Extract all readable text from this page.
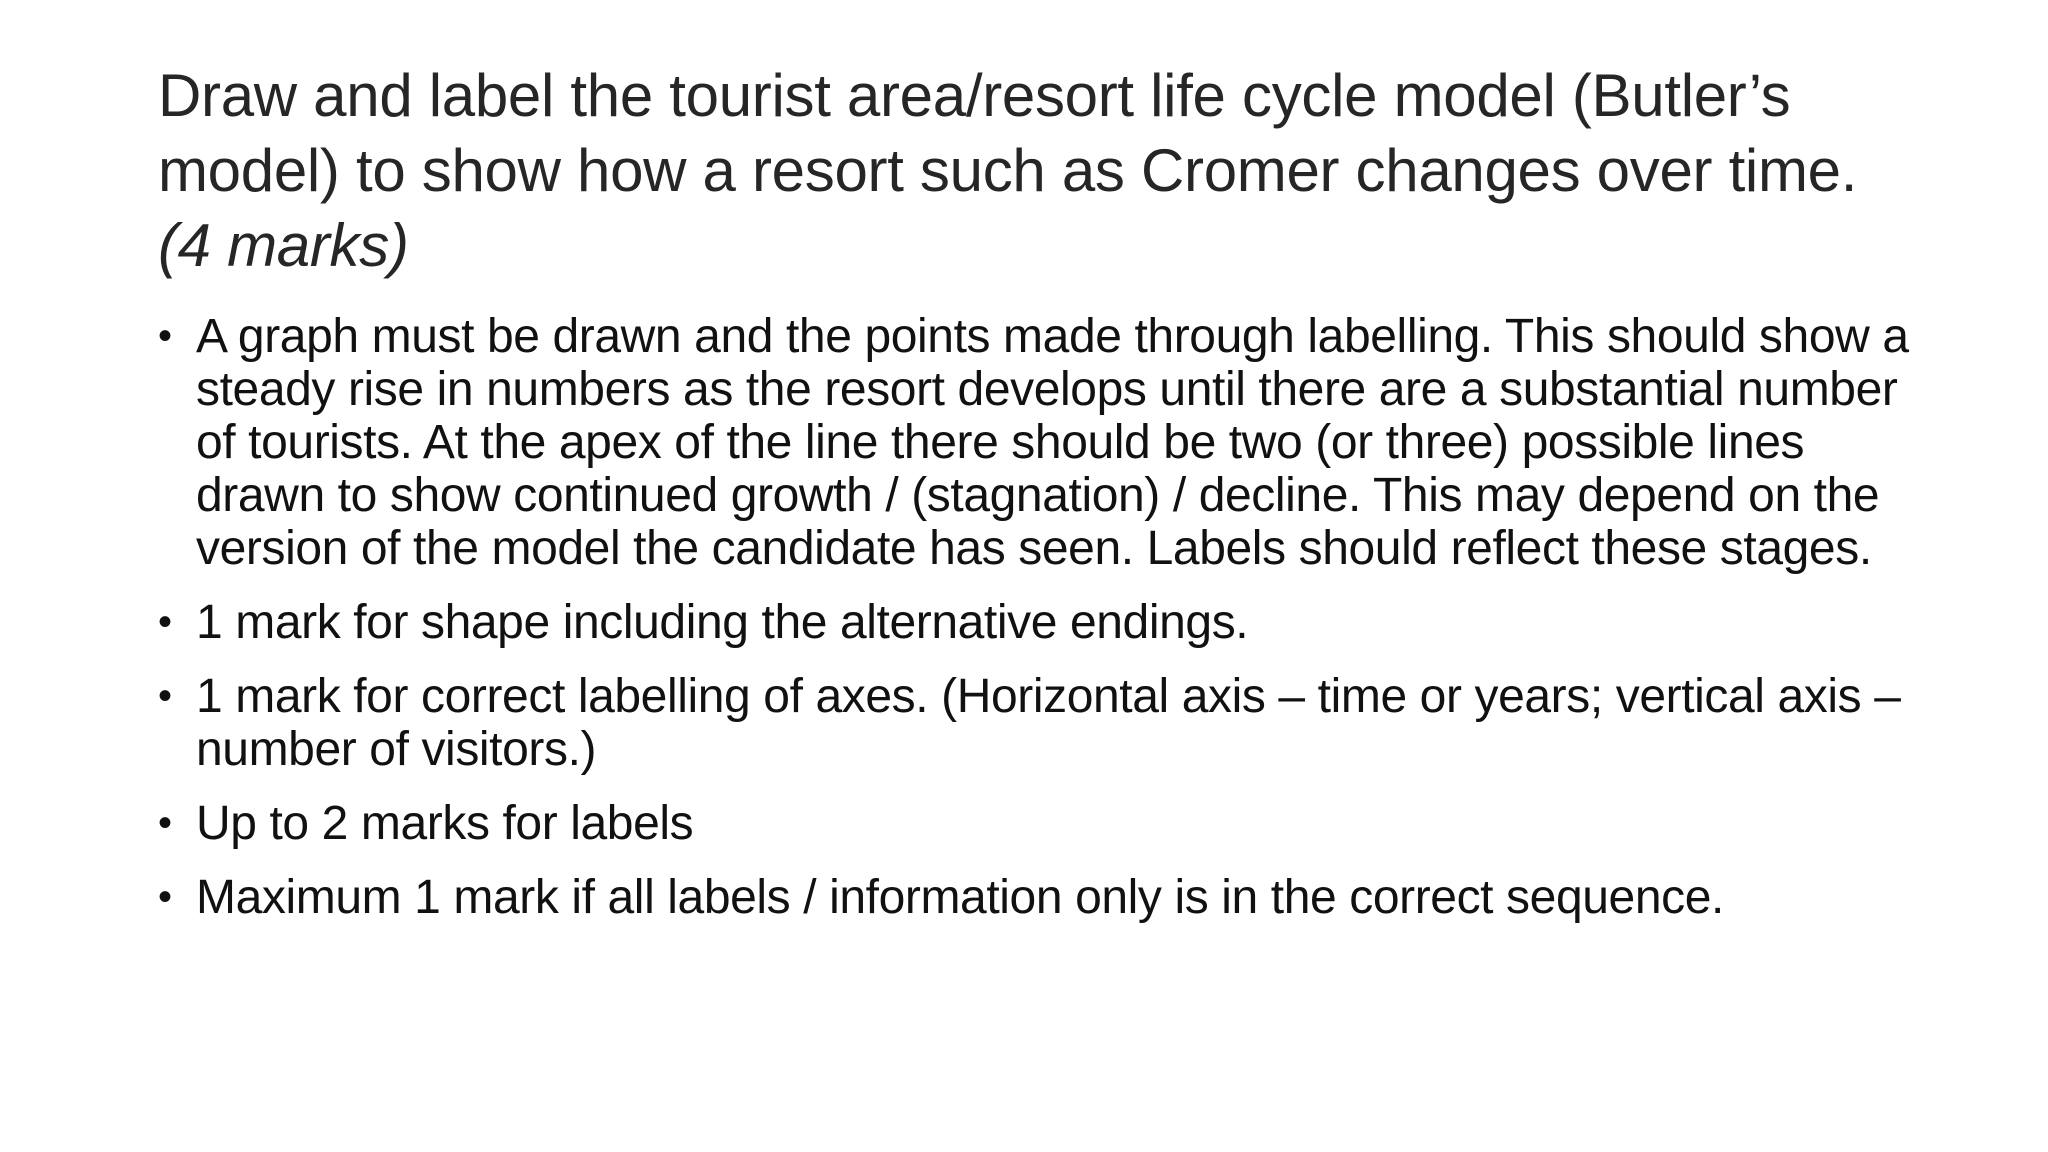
Draw and label the tourist area/resort life cycle model (Butler’s model) to show how a resort such as Cromer changes over time. (4 marks)
• A graph must be drawn and the points made through labelling. This should show a steady rise in numbers as the resort develops until there are a substantial number of tourists. At the apex of the line there should be two (or three) possible lines drawn to show continued growth / (stagnation) / decline. This may depend on the version of the model the candidate has seen. Labels should reflect these stages.
• 1 mark for shape including the alternative endings.
• 1 mark for correct labelling of axes. (Horizontal axis – time or years; vertical axis – number of visitors.)
• Up to 2 marks for labels
• Maximum 1 mark if all labels / information only is in the correct sequence.
